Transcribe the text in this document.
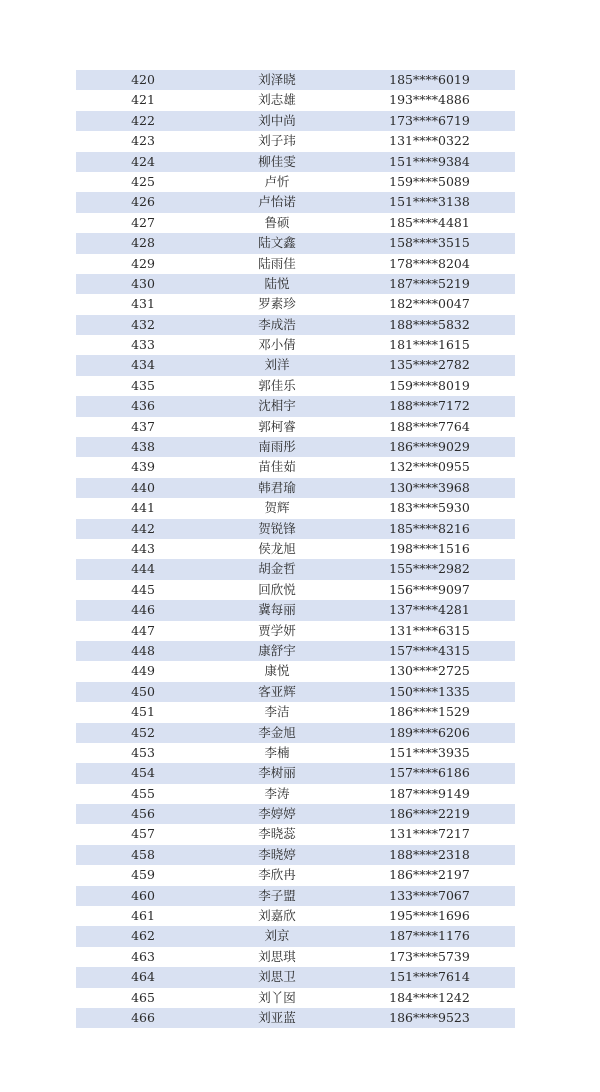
420	刘泽晓	185****6019
421	刘志雄	193****4886
422	刘中尚	173****6719
423	刘子玮	131****0322
424	柳佳雯	151****9384
425	卢忻	159****5089
426	卢怡诺	151****3138
427	鲁硕	185****4481
428	陆文鑫	158****3515
429	陆雨佳	178****8204
430	陆悦	187****5219
431	罗素珍	182****0047
432	李成浩	188****5832
433	邓小倩	181****1615
434	刘洋	135****2782
435	郭佳乐	159****8019
436	沈相宇	188****7172
437	郭柯睿	188****7764
438	南雨彤	186****9029
439	苗佳茹	132****0955
440	韩君瑜	130****3968
441	贺辉	183****5930
442	贺锐锋	185****8216
443	侯龙旭	198****1516
444	胡金哲	155****2982
445	回欣悦	156****9097
446	冀每丽	137****4281
447	贾学妍	131****6315
448	康舒宇	157****4315
449	康悦	130****2725
450	客亚辉	150****1335
451	李洁	186****1529
452	李金旭	189****6206
453	李楠	151****3935
454	李树丽	157****6186
455	李涛	187****9149
456	李婷婷	186****2219
457	李晓蕊	131****7217
458	李晓婷	188****2318
459	李欣冉	186****2197
460	李子盟	133****7067
461	刘嘉欣	195****1696
462	刘京	187****1176
463	刘思琪	173****5739
464	刘思卫	151****7614
465	刘丫囡	184****1242
466	刘亚蓝	186****9523
